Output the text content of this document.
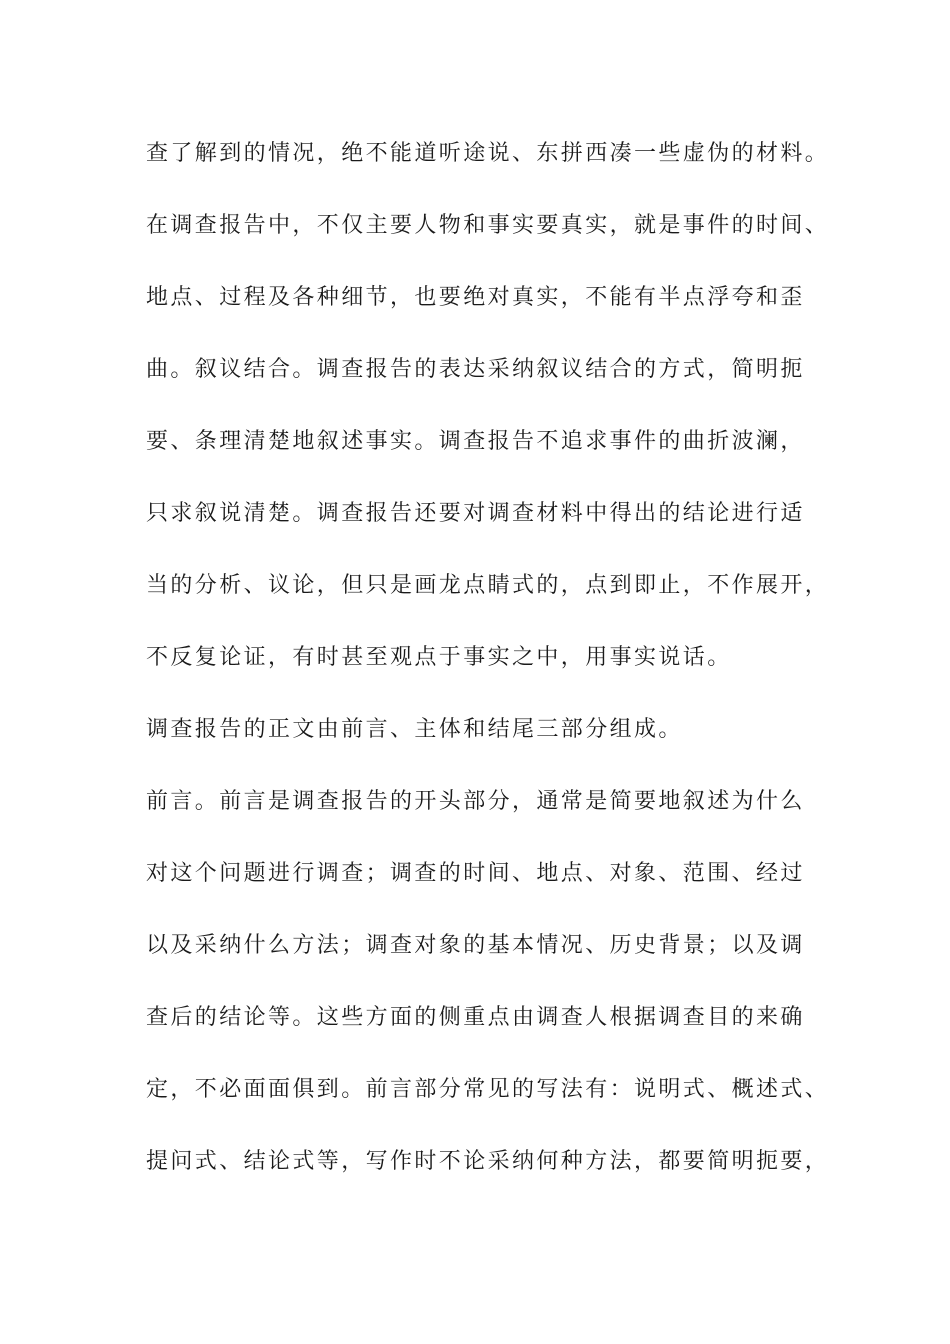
查了解到的情况，绝不能道听途说、东拼西凑一些虚伪的材料。
在调查报告中，不仅主要人物和事实要真实，就是事件的时间、
地点、过程及各种细节，也要绝对真实，不能有半点浮夸和歪
曲。叙议结合。调查报告的表达采纳叙议结合的方式，简明扼
要、条理清楚地叙述事实。调查报告不追求事件的曲折波澜，
只求叙说清楚。调查报告还要对调查材料中得出的结论进行适
当的分析、议论，但只是画龙点睛式的，点到即止，不作展开，
不反复论证，有时甚至观点于事实之中，用事实说话。
调查报告的正文由前言、主体和结尾三部分组成。
前言。前言是调查报告的开头部分，通常是简要地叙述为什么
对这个问题进行调查；调查的时间、地点、对象、范围、经过
以及采纳什么方法；调查对象的基本情况、历史背景；以及调
查后的结论等。这些方面的侧重点由调查人根据调查目的来确
定，不必面面俱到。前言部分常见的写法有：说明式、概述式、
提问式、结论式等，写作时不论采纳何种方法，都要简明扼要，
